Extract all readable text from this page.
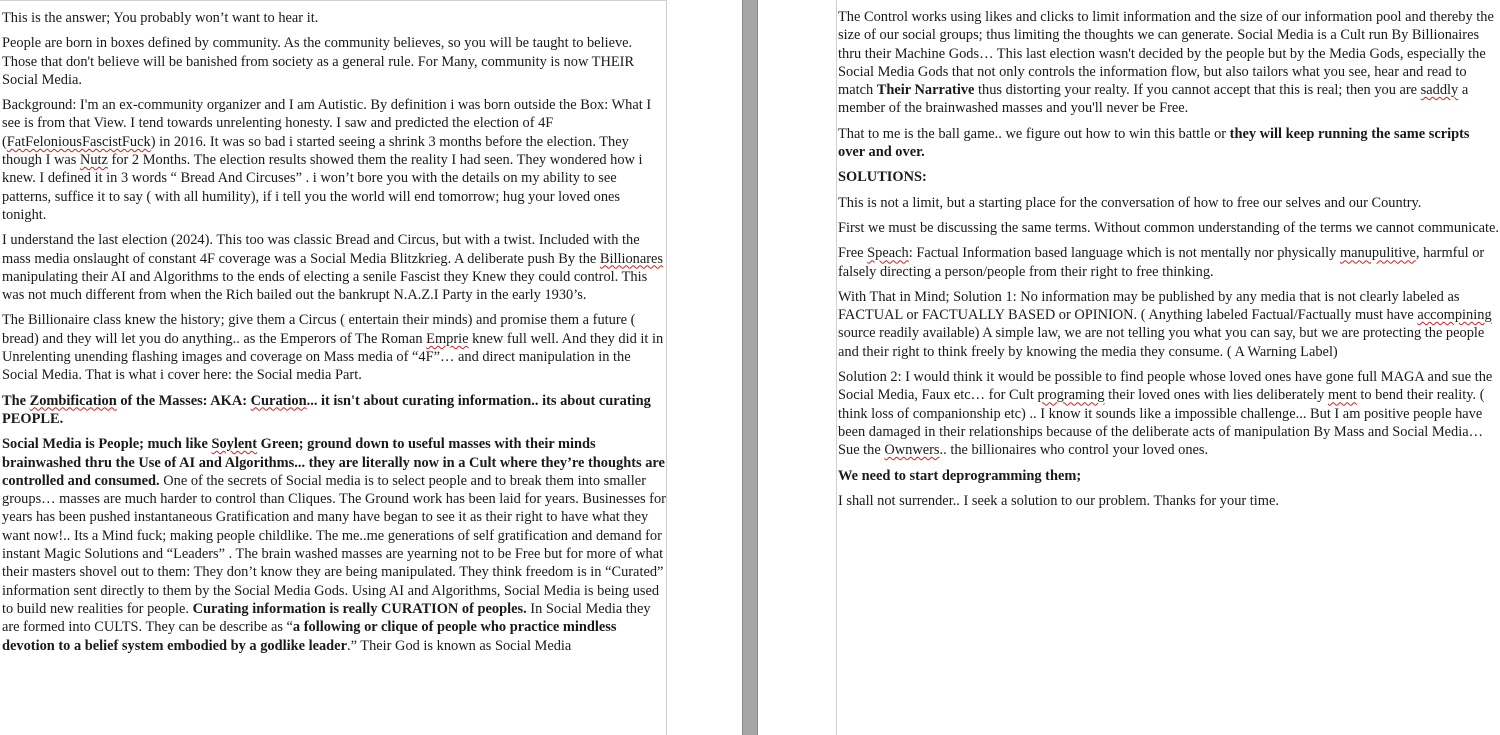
This is the answer; You probably won’t want to hear it.

People are born in boxes defined by community. As the community believes, so you will be taught to believe. Those that don't believe will be banished from society as a general rule. For Many, community is now THEIR Social Media.

Background: I'm an ex-community organizer and I am Autistic. By definition i was born outside the Box: What I see is from that View. I tend towards unrelenting honesty. I saw and predicted the election of 4F (FatFeloniousFascistFuck) in 2016. It was so bad i started seeing a shrink 3 months before the election. They though I was Nutz for 2 Months. The election results showed them the reality I had seen. They wondered how i knew. I defined it in 3 words “ Bread And Circuses” . i won’t bore you with the details on my ability to see patterns, suffice it to say ( with all humility), if i tell you the world will end tomorrow; hug your loved ones tonight.

I understand the last election (2024). This too was classic Bread and Circus, but with a twist. Included with the mass media onslaught of constant 4F coverage was a Social Media Blitzkrieg. A deliberate push By the Billionares manipulating their AI and Algorithms to the ends of electing a senile Fascist they Knew they could control. This was not much different from when the Rich bailed out the bankrupt N.A.Z.I Party in the early 1930’s.

The Billionaire class knew the history; give them a Circus ( entertain their minds) and promise them a future ( bread) and they will let you do anything.. as the Emperors of The Roman Emprie knew full well. And they did it in Unrelenting unending flashing images and coverage on Mass media of “4F”… and direct manipulation in the Social Media. That is what i cover here: the Social media Part.

The Zombification of the Masses: AKA: Curation... it isn't about curating information.. its about curating PEOPLE.

Social Media is People; much like Soylent Green; ground down to useful masses with their minds brainwashed thru the Use of AI and Algorithms... they are literally now in a Cult where they’re thoughts are controlled and consumed. One of the secrets of Social media is to select people and to break them into smaller groups… masses are much harder to control than Cliques. The Ground work has been laid for years. Businesses for years has been pushed instantaneous Gratification and many have began to see it as their right to have what they want now!.. Its a Mind fuck; making people childlike. The me..me generations of self gratification and demand for instant Magic Solutions and “Leaders” . The brain washed masses are yearning not to be Free but for more of what their masters shovel out to them: They don’t know they are being manipulated. They think freedom is in “Curated” information sent directly to them by the Social Media Gods. Using AI and Algorithms, Social Media is being used to build new realities for people. Curating information is really CURATION of peoples. In Social Media they are formed into CULTS. They can be describe as “a following or clique of people who practice mindless devotion to a belief system embodied by a godlike leader.” Their God is known as Social Media

The Control works using likes and clicks to limit information and the size of our information pool and thereby the size of our social groups; thus limiting the thoughts we can generate. Social Media is a Cult run By Billionaires thru their Machine Gods… This last election wasn't decided by the people but by the Media Gods, especially the Social Media Gods that not only controls the information flow, but also tailors what you see, hear and read to match Their Narrative thus distorting your realty. If you cannot accept that this is real; then you are saddly a member of the brainwashed masses and you'll never be Free.

That to me is the ball game.. we figure out how to win this battle or they will keep running the same scripts over and over.

SOLUTIONS:

This is not a limit, but a starting place for the conversation of how to free our selves and our Country.

First we must be discussing the same terms. Without common understanding of the terms we cannot communicate.

Free Speach: Factual Information based language which is not mentally nor physically manupulitive, harmful or falsely directing a person/people from their right to free thinking.

With That in Mind; Solution 1: No information may be published by any media that is not clearly labeled as FACTUAL or FACTUALLY BASED or OPINION. ( Anything labeled Factual/Factually must have accompining source readily available) A simple law, we are not telling you what you can say, but we are protecting the people and their right to think freely by knowing the media they consume. ( A Warning Label)

Solution 2: I would think it would be possible to find people whose loved ones have gone full MAGA and sue the Social Media, Faux etc… for Cult programing their loved ones with lies deliberately ment to bend their reality. ( think loss of companionship etc) .. I know it sounds like a impossible challenge... But I am positive people have been damaged in their relationships because of the deliberate acts of manipulation By Mass and Social Media… Sue the Ownwers.. the billionaires who control your loved ones.

We need to start deprogramming them;

I shall not surrender.. I seek a solution to our problem. Thanks for your time.
